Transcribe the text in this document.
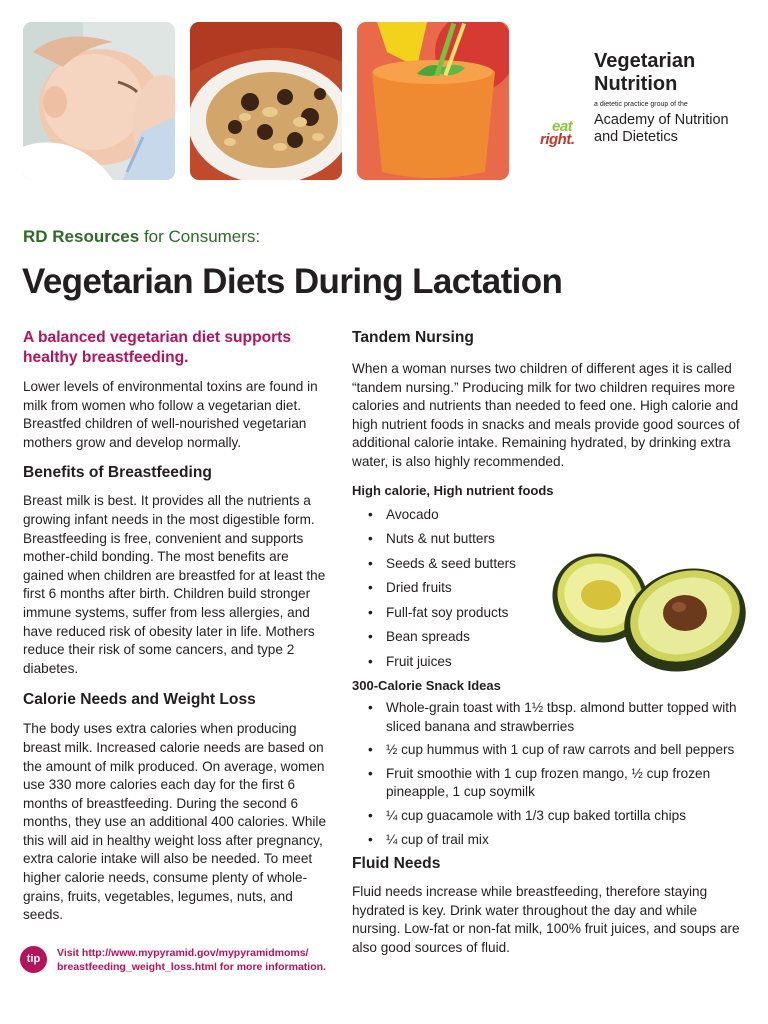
Vegetarian
Nutrition
a dietetic practice group of the
Academy of Nutrition
and Dietetics
eat
right.
RD Resources for Consumers:
Vegetarian Diets During Lactation
A balanced vegetarian diet supports healthy breastfeeding.

Lower levels of environmental toxins are found in milk from women who follow a vegetarian diet. Breastfed children of well-nourished vegetarian mothers grow and develop normally.

Benefits of Breastfeeding

Breast milk is best. It provides all the nutrients a growing infant needs in the most digestible form. Breastfeeding is free, convenient and supports mother-child bonding. The most benefits are gained when children are breastfed for at least the first 6 months after birth. Children build stronger immune systems, suffer from less allergies, and have reduced risk of obesity later in life. Mothers reduce their risk of some cancers, and type 2 diabetes.

Calorie Needs and Weight Loss

The body uses extra calories when producing breast milk. Increased calorie needs are based on the amount of milk produced. On average, women use 330 more calories each day for the first 6 months of breastfeeding. During the second 6 months, they use an additional 400 calories. While this will aid in healthy weight loss after pregnancy, extra calorie intake will also be needed. To meet higher calorie needs, consume plenty of whole-grains, fruits, vegetables, legumes, nuts, and seeds.

tip	Visit http://www.mypyramid.gov/mypyramidmoms/
breastfeeding_weight_loss.html for more information.
Tandem Nursing

When a woman nurses two children of different ages it is called “tandem nursing.” Producing milk for two children requires more calories and nutrients than needed to feed one. High calorie and high nutrient foods in snacks and meals provide good sources of additional calorie intake. Remaining hydrated, by drinking extra water, is also highly recommended.

High calorie, High nutrient foods
• Avocado
• Nuts & nut butters
• Seeds & seed butters
• Dried fruits
• Full-fat soy products
• Bean spreads
• Fruit juices
300-Calorie Snack Ideas
• Whole-grain toast with 1½ tbsp. almond butter topped with sliced banana and strawberries
• ½ cup hummus with 1 cup of raw carrots and bell peppers
• Fruit smoothie with 1 cup frozen mango, ½ cup frozen pineapple, 1 cup soymilk
• ¼ cup guacamole with 1/3 cup baked tortilla chips
• ¼ cup of trail mix
Fluid Needs

Fluid needs increase while breastfeeding, therefore staying hydrated is key. Drink water throughout the day and while nursing. Low-fat or non-fat milk, 100% fruit juices, and soups are also good sources of fluid.
